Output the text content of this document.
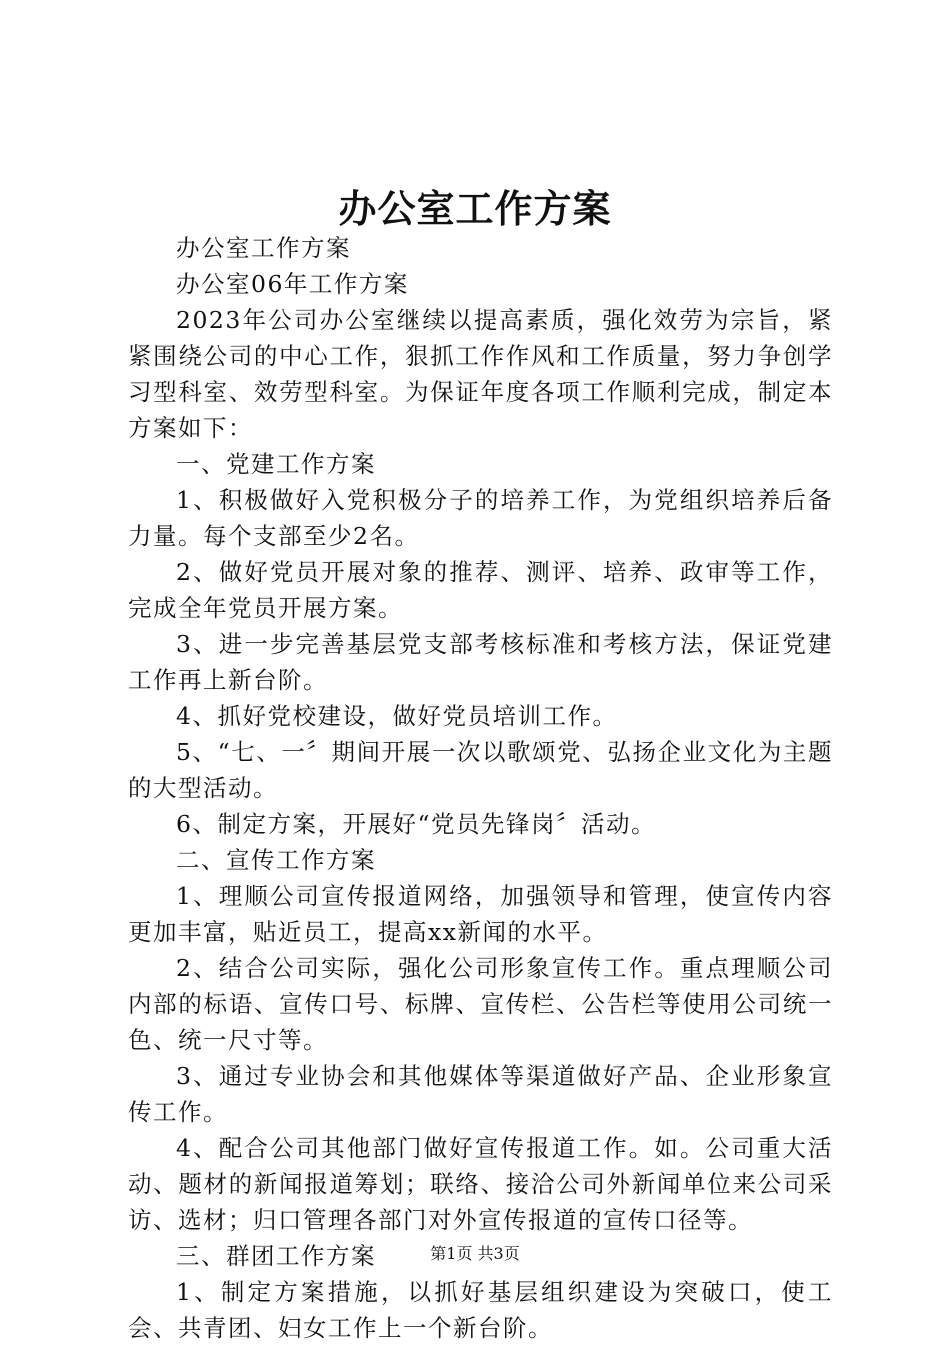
办公室工作方案

办公室工作方案

办公室06年工作方案

2023年公司办公室继续以提高素质，强化效劳为宗旨，紧紧围绕公司的中心工作，狠抓工作作风和工作质量，努力争创学习型科室、效劳型科室。为保证年度各项工作顺利完成，制定本方案如下：

一、党建工作方案

1、积极做好入党积极分子的培养工作，为党组织培养后备力量。每个支部至少2名。

2、做好党员开展对象的推荐、测评、培养、政审等工作，完成全年党员开展方案。

3、进一步完善基层党支部考核标准和考核方法，保证党建工作再上新台阶。

4、抓好党校建设，做好党员培训工作。

5、“七、一〞期间开展一次以歌颂党、弘扬企业文化为主题的大型活动。

6、制定方案，开展好“党员先锋岗〞活动。

二、宣传工作方案

1、理顺公司宣传报道网络，加强领导和管理，使宣传内容更加丰富，贴近员工，提高xx新闻的水平。

2、结合公司实际，强化公司形象宣传工作。重点理顺公司内部的标语、宣传口号、标牌、宣传栏、公告栏等使用公司统一色、统一尺寸等。

3、通过专业协会和其他媒体等渠道做好产品、企业形象宣传工作。

4、配合公司其他部门做好宣传报道工作。如。公司重大活动、题材的新闻报道筹划；联络、接洽公司外新闻单位来公司采访、选材；归口管理各部门对外宣传报道的宣传口径等。

三、群团工作方案

1、制定方案措施，以抓好基层组织建设为突破口，使工会、共青团、妇女工作上一个新台阶。

第1页 共3页
